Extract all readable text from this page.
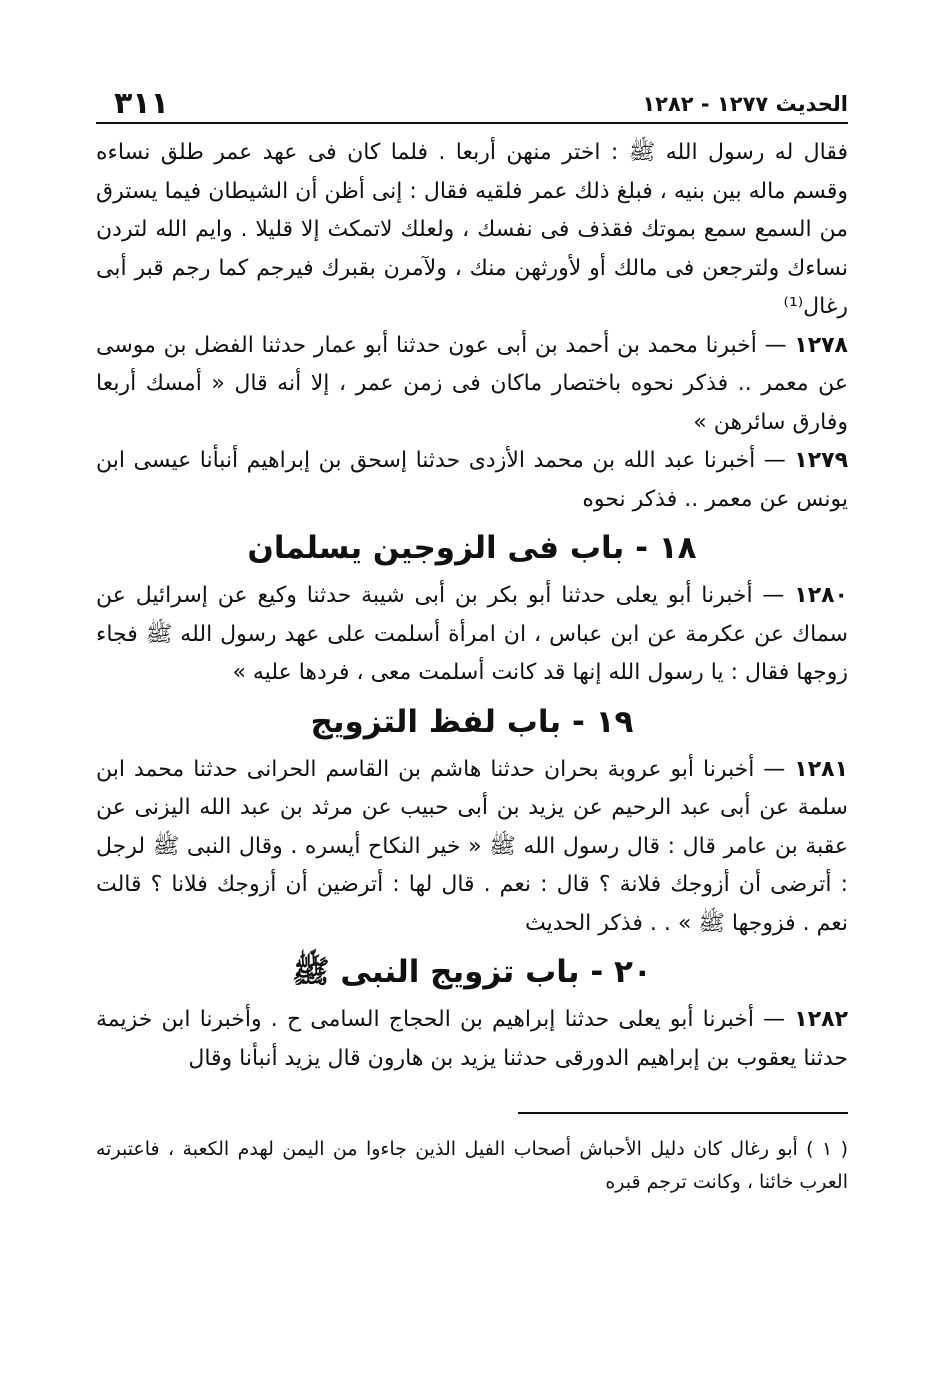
الحديث ١٢٧٧ - ١٢٨٢
٣١١

فقال له رسول الله ﷺ : اختر منهن أربعا . فلما كان فى عهد عمر طلق نساءه وقسم ماله بين بنيه ، فبلغ ذلك عمر فلقيه فقال : إنى أظن أن الشيطان فيما يسترق من السمع سمع بموتك فقذف فى نفسك ، ولعلك لاتمكث إلا قليلا . وايم الله لتردن نساءك ولترجعن فى مالك أو لأورثهن منك ، ولآمرن بقبرك فيرجم كما رجم قبر أبى رغال⁽¹⁾

١٢٧٨ — أخبرنا محمد بن أحمد بن أبى عون حدثنا أبو عمار حدثنا الفضل بن موسى عن معمر .. فذكر نحوه باختصار ماكان فى زمن عمر ، إلا أنه قال « أمسك أربعا وفارق سائرهن »

١٢٧٩ — أخبرنا عبد الله بن محمد الأزدى حدثنا إسحق بن إبراهيم أنبأنا عيسى ابن يونس عن معمر .. فذكر نحوه

١٨ - باب فى الزوجين يسلمان

١٢٨٠ — أخبرنا أبو يعلى حدثنا أبو بكر بن أبى شيبة حدثنا وكيع عن إسرائيل عن سماك عن عكرمة عن ابن عباس ، ان امرأة أسلمت على عهد رسول الله ﷺ فجاء زوجها فقال : يا رسول الله إنها قد كانت أسلمت معى ، فردها عليه »

١٩ - باب لفظ التزويج

١٢٨١ — أخبرنا أبو عروبة بحران حدثنا هاشم بن القاسم الحرانى حدثنا محمد ابن سلمة عن أبى عبد الرحيم عن يزيد بن أبى حبيب عن مرثد بن عبد الله اليزنى عن عقبة بن عامر قال : قال رسول الله ﷺ « خير النكاح أيسره . وقال النبى ﷺ لرجل : أترضى أن أزوجك فلانة ؟ قال : نعم . قال لها : أترضين أن أزوجك فلانا ؟ قالت نعم . فزوجها ﷺ » . . فذكر الحديث

٢٠ - باب تزويج النبى ﷺ

١٢٨٢ — أخبرنا أبو يعلى حدثنا إبراهيم بن الحجاج السامى ح . وأخبرنا ابن خزيمة حدثنا يعقوب بن إبراهيم الدورقى حدثنا يزيد بن هارون قال يزيد أنبأنا وقال

( ١ ) أبو رغال كان دليل الأحباش أصحاب الفيل الذين جاءوا من اليمن لهدم الكعبة ، فاعتبرته العرب خائنا ، وكانت ترجم قبره
